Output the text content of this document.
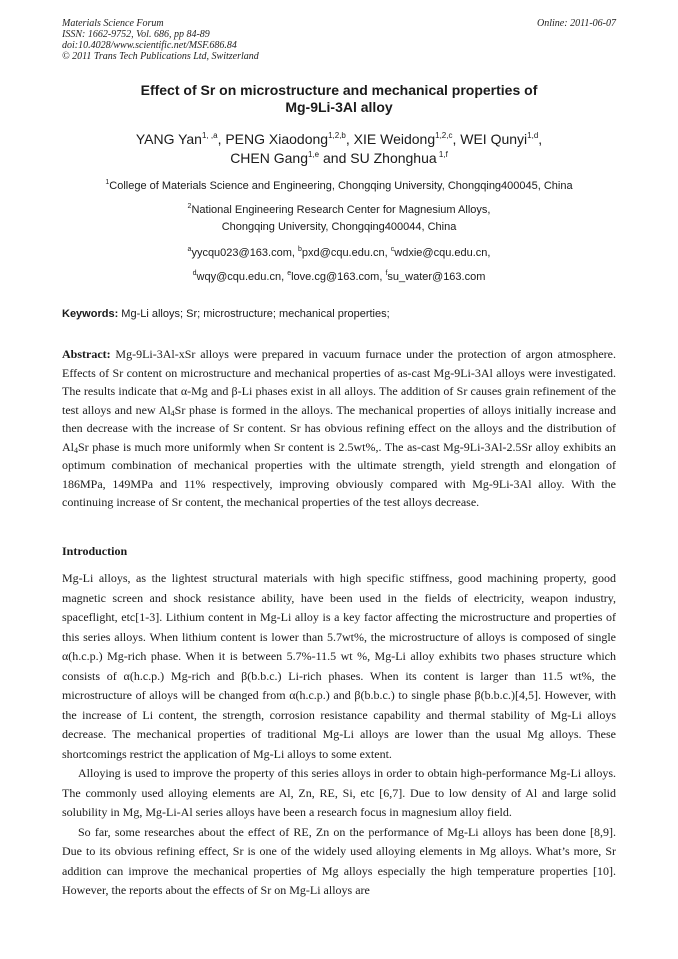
Materials Science Forum
ISSN: 1662-9752, Vol. 686, pp 84-89
doi:10.4028/www.scientific.net/MSF.686.84
© 2011 Trans Tech Publications Ltd, Switzerland
Online: 2011-06-07
Effect of Sr on microstructure and mechanical properties of
Mg-9Li-3Al alloy
YANG Yan$^{1, ,a}$, PENG Xiaodong$^{1,2,b}$, XIE Weidong$^{1,2,c}$, WEI Qunyi$^{1,d}$,
CHEN Gang$^{1,e}$ and SU Zhonghua $^{1,f}$
$^1$College of Materials Science and Engineering, Chongqing University, Chongqing400045, China
$^2$National Engineering Research Center for Magnesium Alloys,
Chongqing University, Chongqing400044, China
$^a$yycqu023@163.com, $^b$pxd@cqu.edu.cn, $^c$wdxie@cqu.edu.cn,
$^d$wqy@cqu.edu.cn, $^e$love.cg@163.com, $^f$su_water@163.com
Keywords: Mg-Li alloys; Sr; microstructure; mechanical properties;
Abstract: Mg-9Li-3Al-xSr alloys were prepared in vacuum furnace under the protection of argon atmosphere. Effects of Sr content on microstructure and mechanical properties of as-cast Mg-9Li-3Al alloys were investigated. The results indicate that α-Mg and β-Li phases exist in all alloys. The addition of Sr causes grain refinement of the test alloys and new $Al_4Sr$ phase is formed in the alloys. The mechanical properties of alloys initially increase and then decrease with the increase of Sr content. Sr has obvious refining effect on the alloys and the distribution of $Al_4Sr$ phase is much more uniformly when Sr content is 2.5wt%,. The as-cast Mg-9Li-3Al-2.5Sr alloy exhibits an optimum combination of mechanical properties with the ultimate strength, yield strength and elongation of 186MPa, 149MPa and 11% respectively, improving obviously compared with Mg-9Li-3Al alloy. With the continuing increase of Sr content, the mechanical properties of the test alloys decrease.
Introduction

Mg-Li alloys, as the lightest structural materials with high specific stiffness, good machining property, good magnetic screen and shock resistance ability, have been used in the fields of electricity, weapon industry, spaceflight, etc[1-3]. Lithium content in Mg-Li alloy is a key factor affecting the microstructure and properties of this series alloys. When lithium content is lower than 5.7wt%, the microstructure of alloys is composed of single α(h.c.p.) Mg-rich phase. When it is between 5.7%-11.5 wt %, Mg-Li alloy exhibits two phases structure which consists of α(h.c.p.) Mg-rich and β(b.b.c.) Li-rich phases. When its content is larger than 11.5 wt%, the microstructure of alloys will be changed from α(h.c.p.) and β(b.b.c.) to single phase β(b.b.c.)[4,5]. However, with the increase of Li content, the strength, corrosion resistance capability and thermal stability of Mg-Li alloys decrease. The mechanical properties of traditional Mg-Li alloys are lower than the usual Mg alloys. These shortcomings restrict the application of Mg-Li alloys to some extent.

Alloying is used to improve the property of this series alloys in order to obtain high-performance Mg-Li alloys. The commonly used alloying elements are Al, Zn, RE, Si, etc [6,7]. Due to low density of Al and large solid solubility in Mg, Mg-Li-Al series alloys have been a research focus in magnesium alloy field.

So far, some researches about the effect of RE, Zn on the performance of Mg-Li alloys has been done [8,9]. Due to its obvious refining effect, Sr is one of the widely used alloying elements in Mg alloys. What’s more, Sr addition can improve the mechanical properties of Mg alloys especially the high temperature properties [10]. However, the reports about the effects of Sr on Mg-Li alloys are
